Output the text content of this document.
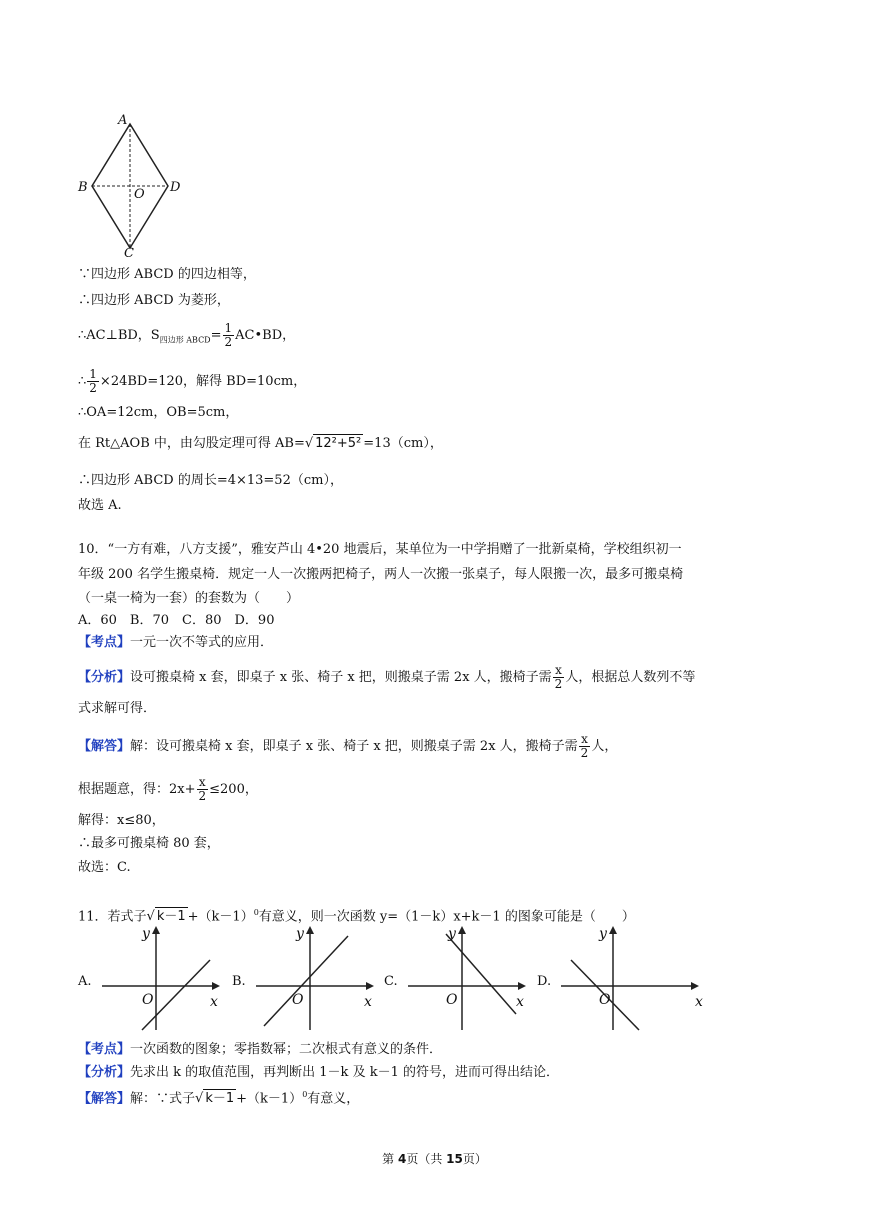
A
B
C
D
O
∵四边形 ABCD 的四边相等，
∴四边形 ABCD 为菱形，
∴AC⊥BD，$S_{四边形 ABCD}= \frac{1}{2}$ AC•BD，
∴ $\frac{1}{2} \times 24BD=120$，解得 BD=10cm，
∴OA=12cm，OB=5cm，
在 Rt△AOB 中，由勾股定理可得 AB=√ 12²+5² =13（cm），
∴四边形 ABCD 的周长=4×13=52（cm），
故选 A.
10．“一方有难，八方支援”，雅安芦山 4•20 地震后，某单位为一中学捐赠了一批新桌椅，学校组织初一
年级 200 名学生搬桌椅．规定一人一次搬两把椅子，两人一次搬一张桌子，每人限搬一次，最多可搬桌椅
（一桌一椅为一套）的套数为（　　）
A．60　B．70　C．80　D．90
【考点】一元一次不等式的应用．
【分析】设可搬桌椅 x 套，即桌子 x 张、椅子 x 把，则搬桌子需 2x 人，搬椅子需 $\frac{x}{2}$ 人，根据总人数列不等
式求解可得．
【解答】解：设可搬桌椅 x 套，即桌子 x 张、椅子 x 把，则搬桌子需 2x 人，搬椅子需 $\frac{x}{2}$ 人，
根据题意，得：$2x+ \frac{x}{2} \le 200$，
解得：x≤80，
∴最多可搬桌椅 80 套，
故选：C.
11．若式子√ $k-1 +(k-1)^0$有意义，则一次函数 y=（1－k）x+k－1 的图象可能是（　　）
A.
y
x
O
B.
y
x
O
C.
y
x
O
D.
y
x
O
【考点】一次函数的图象；零指数幂；二次根式有意义的条件．
【分析】先求出 k 的取值范围，再判断出 1－k 及 k－1 的符号，进而可得出结论．
【解答】解：∵式子√ $k-1 +(k-1)^0$有意义，
第 4页（共 15页）
